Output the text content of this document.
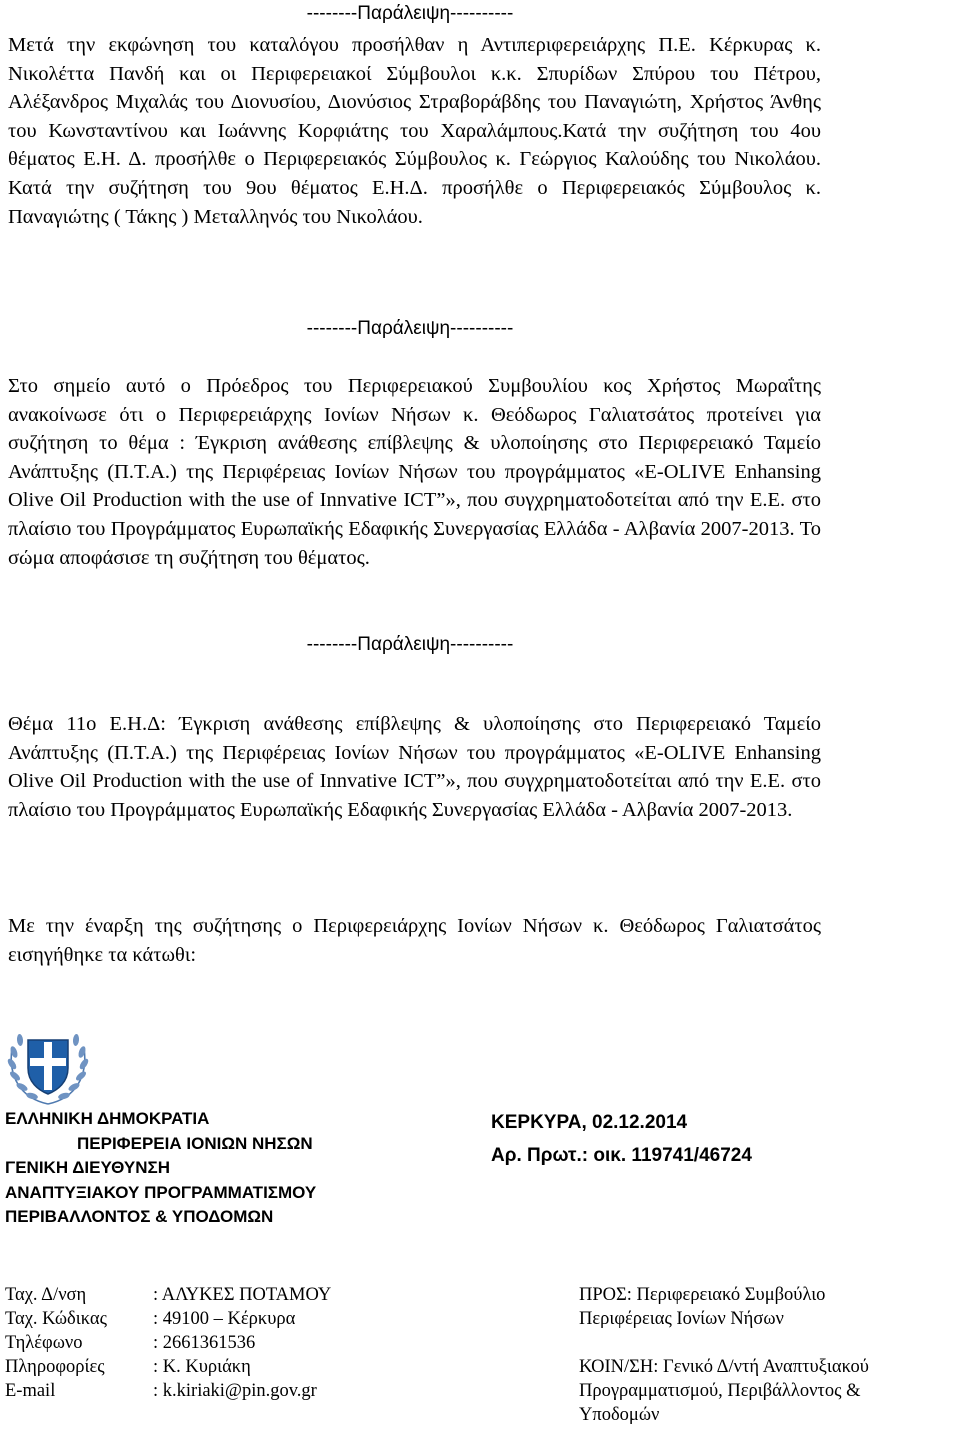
--------Παράλειψη----------

Μετά την εκφώνηση του καταλόγου προσήλθαν η Αντιπεριφερειάρχης Π.Ε. Κέρκυρας κ. Νικολέττα Πανδή και οι Περιφερειακοί Σύμβουλοι κ.κ. Σπυρίδων Σπύρου του Πέτρου, Αλέξανδρος Μιχαλάς του Διονυσίου, Διονύσιος Στραβοράβδης του Παναγιώτη, Χρήστος Άνθης του Κωνσταντίνου και Ιωάννης Κορφιάτης του Χαραλάμπους.Κατά την συζήτηση του 4ου θέματος Ε.Η. Δ. προσήλθε ο Περιφερειακός Σύμβουλος κ. Γεώργιος Καλούδης του Νικολάου. Κατά την συζήτηση του 9ου θέματος Ε.Η.Δ. προσήλθε ο Περιφερειακός Σύμβουλος κ. Παναγιώτης ( Τάκης ) Μεταλληνός του Νικολάου.

--------Παράλειψη----------

Στο σημείο αυτό ο Πρόεδρος του Περιφερειακού Συμβουλίου κος Χρήστος Μωραΐτης ανακοίνωσε ότι ο Περιφερειάρχης Ιονίων Νήσων κ. Θεόδωρος Γαλιατσάτος προτείνει για συζήτηση το θέμα : Έγκριση ανάθεσης επίβλεψης & υλοποίησης στο Περιφερειακό Ταμείο Ανάπτυξης (Π.Τ.Α.) της Περιφέρειας Ιονίων Νήσων του προγράμματος «E-OLIVE Enhansing Olive Oil Production with the use of Innvative ICT”», που συγχρηματοδοτείται από την Ε.Ε. στο πλαίσιο του Προγράμματος Ευρωπαϊκής Εδαφικής Συνεργασίας Ελλάδα - Αλβανία 2007-2013. Το σώμα αποφάσισε τη συζήτηση του θέματος.

--------Παράλειψη----------

Θέμα 11ο Ε.Η.Δ: Έγκριση ανάθεσης επίβλεψης & υλοποίησης στο Περιφερειακό Ταμείο Ανάπτυξης (Π.Τ.Α.) της Περιφέρειας Ιονίων Νήσων του προγράμματος «E-OLIVE Enhansing Olive Oil Production with the use of Innvative ICT”», που συγχρηματοδοτείται από την Ε.Ε. στο πλαίσιο του Προγράμματος Ευρωπαϊκής Εδαφικής Συνεργασίας Ελλάδα - Αλβανία 2007-2013.

Με την έναρξη της συζήτησης ο Περιφερειάρχης Ιονίων Νήσων κ. Θεόδωρος Γαλιατσάτος εισηγήθηκε τα κάτωθι:

ΕΛΛΗΝΙΚΗ ΔΗΜΟΚΡΑΤΙΑ
ΠΕΡΙΦΕΡΕΙΑ ΙΟΝΙΩΝ ΝΗΣΩΝ
ΓΕΝΙΚΗ ΔΙΕΥΘΥΝΣΗ
ΑΝΑΠΤΥΞΙΑΚΟΥ ΠΡΟΓΡΑΜΜΑΤΙΣΜΟΥ
ΠΕΡΙΒΑΛΛΟΝΤΟΣ & ΥΠΟΔΟΜΩΝ
ΚΕΡΚΥΡΑ, 02.12.2014
Αρ. Πρωτ.: οικ. 119741/46724
Ταχ. Δ/νση	: ΑΛΥΚΕΣ ΠΟΤΑΜΟΥ
Ταχ. Κώδικας : 49100 – Κέρκυρα
Τηλέφωνο	: 2661361536
Πληροφορίες	: Κ. Κυριάκη
E-mail	: k.kiriaki@pin.gov.gr
ΠΡΟΣ: Περιφερειακό Συμβούλιο
Περιφέρειας Ιονίων Νήσων
ΚΟΙΝ/ΣΗ: Γενικό Δ/ντή Αναπτυξιακού
Προγραμματισμού, Περιβάλλοντος &
Υποδομών
